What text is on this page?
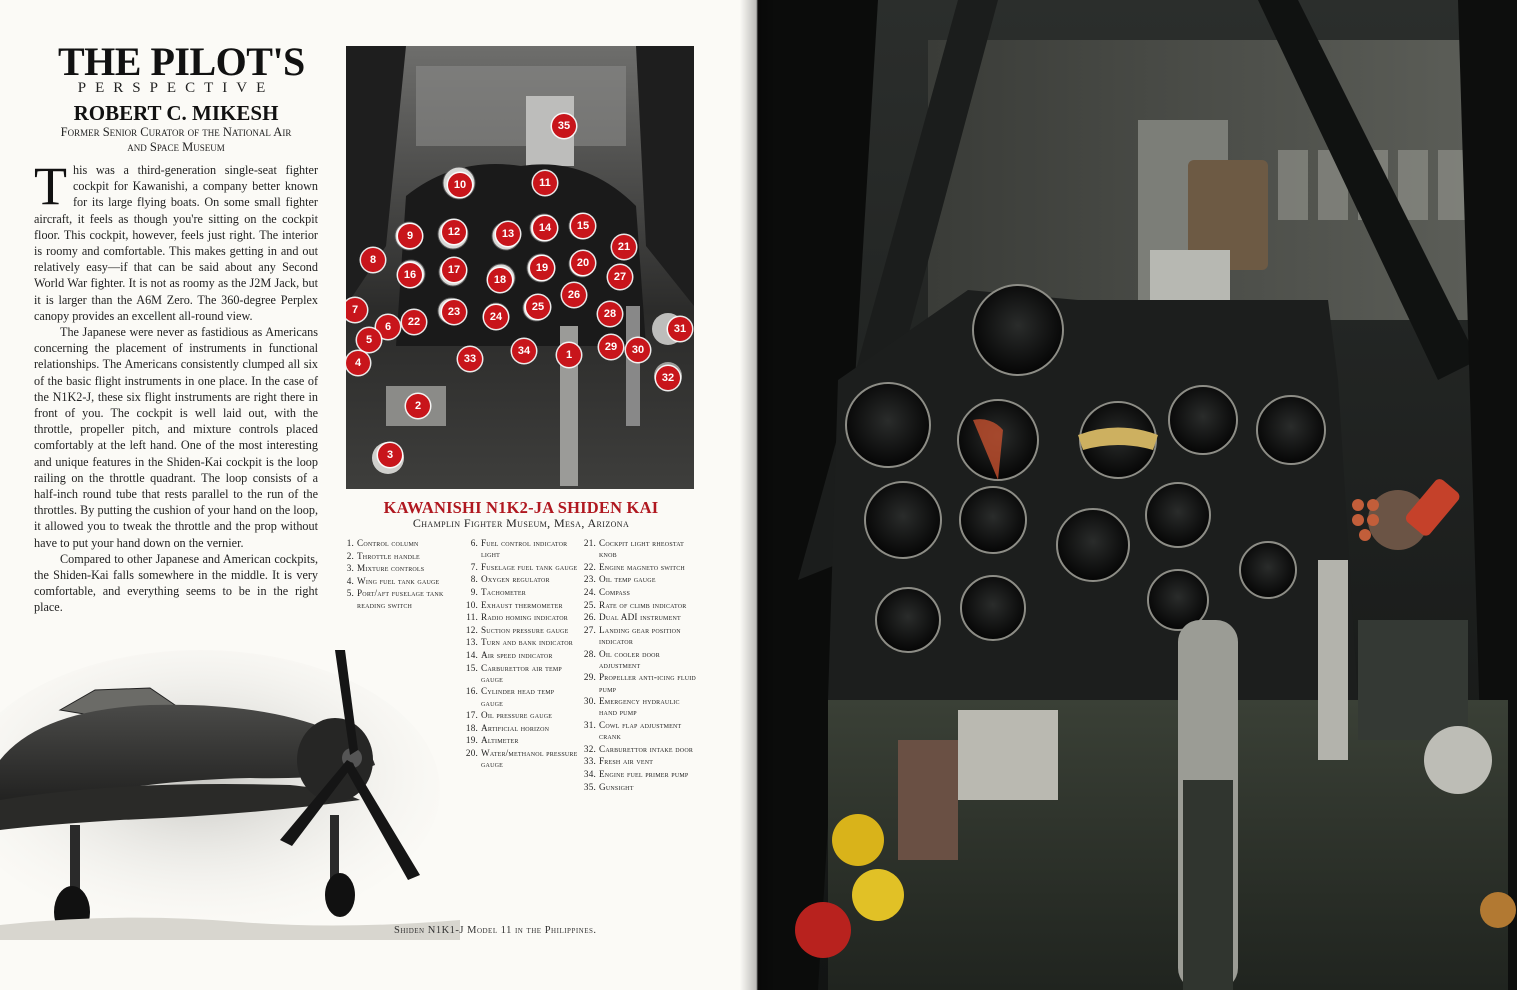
THE PILOT'S
PERSPECTIVE
ROBERT C. MIKESH
Former Senior Curator of the National Air and Space Museum

This was a third-generation single-seat fighter cockpit for Kawanishi, a company better known for its large flying boats. On some small fighter aircraft, it feels as though you're sitting on the cockpit floor. This cockpit, however, feels just right. The interior is roomy and comfortable. This makes getting in and out relatively easy—if that can be said about any Second World War fighter. It is not as roomy as the J2M Jack, but it is larger than the A6M Zero. The 360-degree Perplex canopy provides an excellent all-round view.

The Japanese were never as fastidious as Americans concerning the placement of instruments in functional relationships. The Americans consistently clumped all six of the basic flight instruments in one place. In the case of the N1K2-J, these six flight instruments are right there in front of you. The cockpit is well laid out, with the throttle, propeller pitch, and mixture controls placed comfortably at the left hand. One of the most interesting and unique features in the Shiden-Kai cockpit is the loop railing on the throttle quadrant. The loop consists of a half-inch round tube that rests parallel to the run of the throttles. By putting the cushion of your hand on the loop, it allowed you to tweak the throttle and the prop without have to put your hand down on the vernier.

Compared to other Japanese and American cockpits, the Shiden-Kai falls somewhere in the middle. It is very comfortable, and everything seems to be in the right place.

Shiden N1K1-J Model 11 in the Philippines.
35
10	11
9	12	13	14	15
21
8
16	17
18
19	20
27
26
7
22
23	24
25
28
6
5
31
29	30
34	1
33
4
32
2
3
KAWANISHI N1K2-JA SHIDEN KAI
Champlin Fighter Museum, Mesa, Arizona
1. Control column
2. Throttle handle
3. Mixture controls
4. Wing fuel tank gauge
5. Port/aft fuselage tank reading switch
6. Fuel control indicator light
7. Fuselage fuel tank gauge
8. Oxygen regulator
9. Tachometer
10. Exhaust thermometer
11. Radio homing indicator
12. Suction pressure gauge
13. Turn and bank indicator
14. Air speed indicator
15. Carburettor air temp gauge
16. Cylinder head temp gauge
17. Oil pressure gauge
18. Artificial horizon
19. Altimeter
20. Water/methanol pressure gauge
21. Cockpit light rheostat knob
22. Engine magneto switch
23. Oil temp gauge
24. Compass
25. Rate of climb indicator
26. Dual ADI instrument
27. Landing gear position indicator
28. Oil cooler door adjustment
29. Propeller anti-icing fluid pump
30. Emergency hydraulic hand pump
31. Cowl flap adjustment crank
32. Carburettor intake door
33. Fresh air vent
34. Engine fuel primer pump
35. Gunsight
